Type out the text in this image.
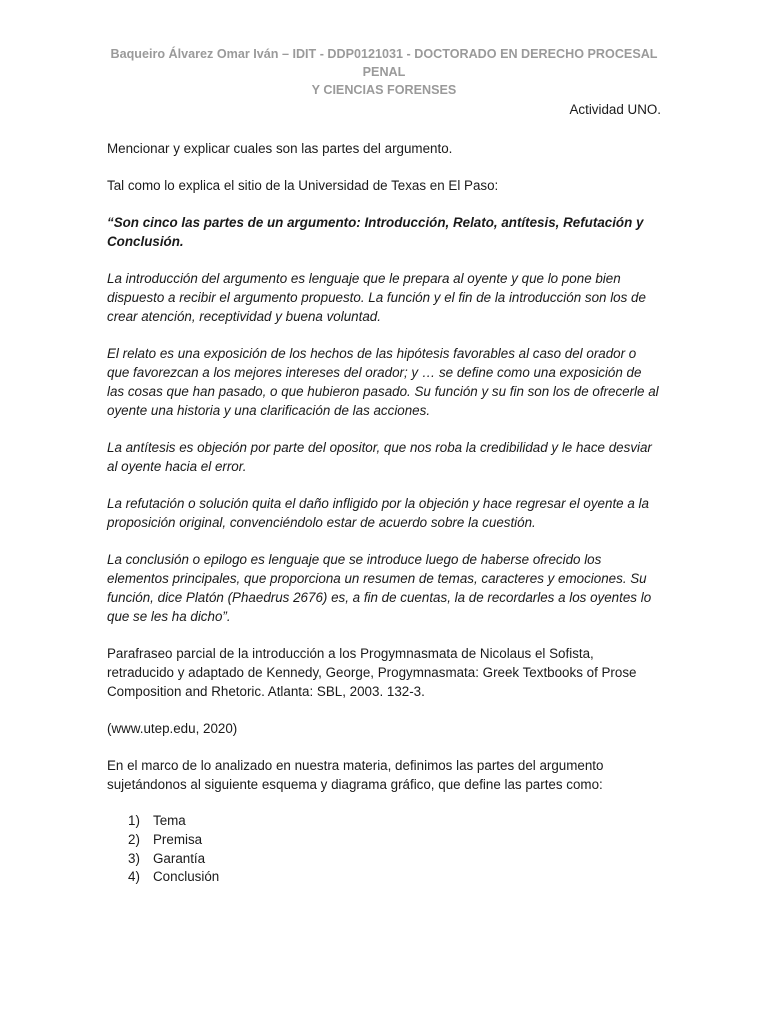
Baqueiro Álvarez Omar Iván – IDIT - DDP0121031 - DOCTORADO EN DERECHO PROCESAL PENAL
Y CIENCIAS FORENSES
Actividad UNO.

Mencionar y explicar cuales son las partes del argumento.

Tal como lo explica el sitio de la Universidad de Texas en El Paso:

“Son cinco las partes de un argumento: Introducción, Relato, antítesis, Refutación y Conclusión.

La introducción del argumento es lenguaje que le prepara al oyente y que lo pone bien dispuesto a recibir el argumento propuesto. La función y el fin de la introducción son los de crear atención, receptividad y buena voluntad.

El relato es una exposición de los hechos de las hipótesis favorables al caso del orador o que favorezcan a los mejores intereses del orador; y … se define como una exposición de las cosas que han pasado, o que hubieron pasado. Su función y su fin son los de ofrecerle al oyente una historia y una clarificación de las acciones.

La antítesis es objeción por parte del opositor, que nos roba la credibilidad y le hace desviar al oyente hacia el error.

La refutación o solución quita el daño infligido por la objeción y hace regresar el oyente a la proposición original, convenciéndolo estar de acuerdo sobre la cuestión.

La conclusión o epilogo es lenguaje que se introduce luego de haberse ofrecido los elementos principales, que proporciona un resumen de temas, caracteres y emociones. Su función, dice Platón (Phaedrus 2676) es, a fin de cuentas, la de recordarles a los oyentes lo que se les ha dicho”.

Parafraseo parcial de la introducción a los Progymnasmata de Nicolaus el Sofista, retraducido y adaptado de Kennedy, George, Progymnasmata: Greek Textbooks of Prose Composition and Rhetoric. Atlanta: SBL, 2003. 132-3.

(www.utep.edu, 2020)

En el marco de lo analizado en nuestra materia, definimos las partes del argumento sujetándonos al siguiente esquema y diagrama gráfico, que define las partes como:

1) Tema
2) Premisa
3) Garantía
4) Conclusión
